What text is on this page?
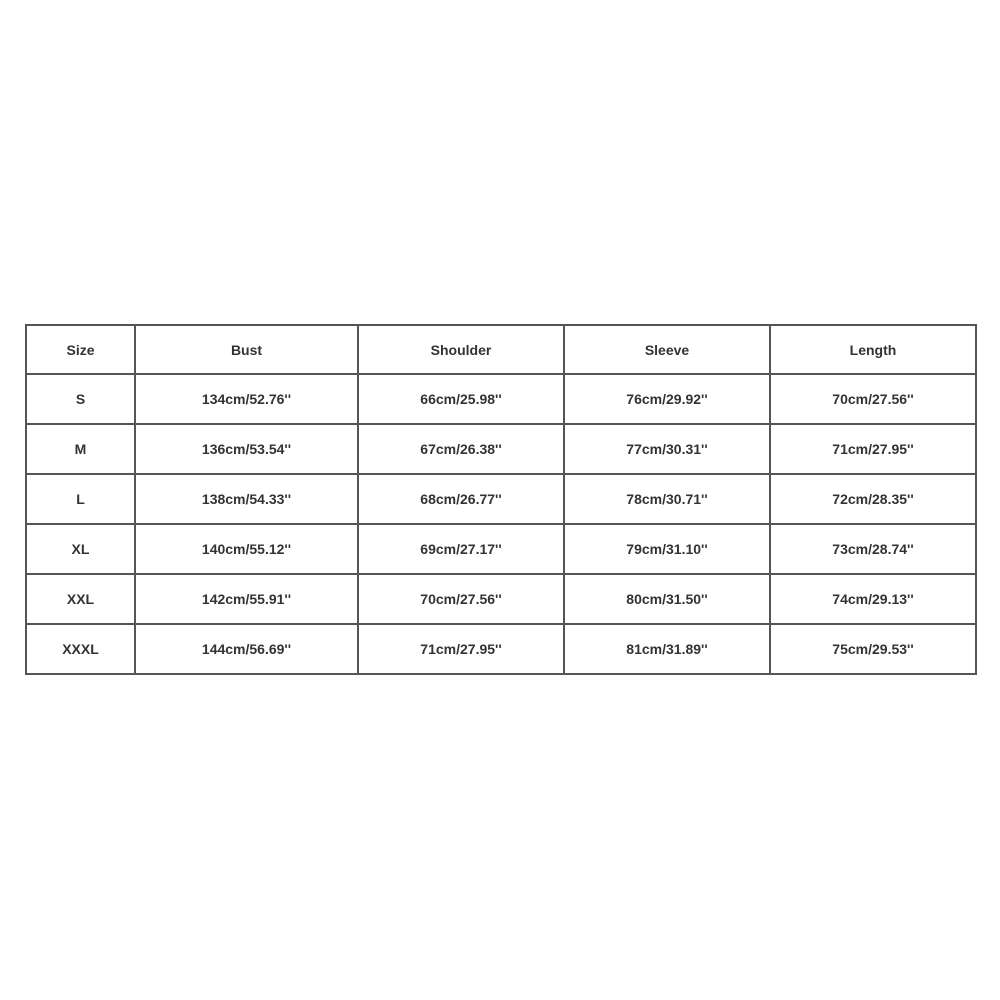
Size	Bust	Shoulder	Sleeve	Length
S	134cm/52.76''	66cm/25.98''	76cm/29.92''	70cm/27.56''
M	136cm/53.54''	67cm/26.38''	77cm/30.31''	71cm/27.95''
L	138cm/54.33''	68cm/26.77''	78cm/30.71''	72cm/28.35''
XL	140cm/55.12''	69cm/27.17''	79cm/31.10''	73cm/28.74''
XXL	142cm/55.91''	70cm/27.56''	80cm/31.50''	74cm/29.13''
XXXL	144cm/56.69''	71cm/27.95''	81cm/31.89''	75cm/29.53''
